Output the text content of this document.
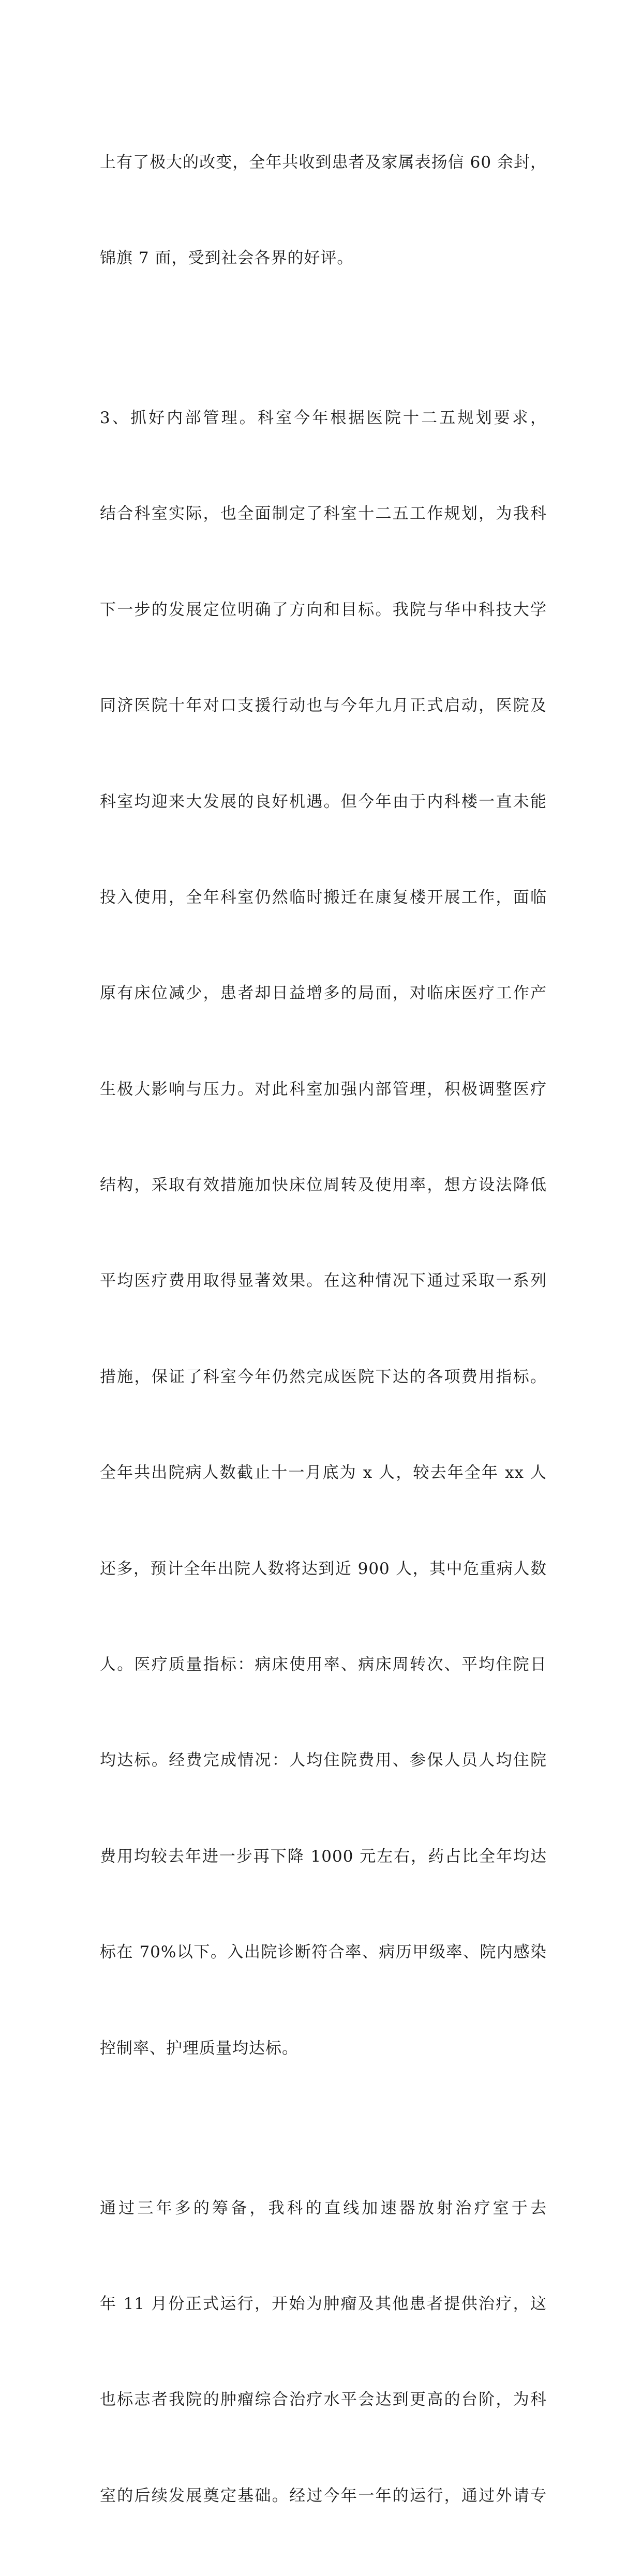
上有了极大的改变，全年共收到患者及家属表扬信 60 余封，

锦旗 7 面，受到社会各界的好评。

3、抓好内部管理。科室今年根据医院十二五规划要求，

结合科室实际，也全面制定了科室十二五工作规划，为我科

下一步的发展定位明确了方向和目标。我院与华中科技大学

同济医院十年对口支援行动也与今年九月正式启动，医院及

科室均迎来大发展的良好机遇。但今年由于内科楼一直未能

投入使用，全年科室仍然临时搬迁在康复楼开展工作，面临

原有床位减少，患者却日益增多的局面，对临床医疗工作产

生极大影响与压力。对此科室加强内部管理，积极调整医疗

结构，采取有效措施加快床位周转及使用率，想方设法降低

平均医疗费用取得显著效果。在这种情况下通过采取一系列

措施，保证了科室今年仍然完成医院下达的各项费用指标。

全年共出院病人数截止十一月底为 x 人，较去年全年 xx 人

还多，预计全年出院人数将达到近 900 人，其中危重病人数

人。医疗质量指标：病床使用率、病床周转次、平均住院日

均达标。经费完成情况：人均住院费用、参保人员人均住院

费用均较去年进一步再下降 1000 元左右，药占比全年均达

标在 70%以下。入出院诊断符合率、病历甲级率、院内感染

控制率、护理质量均达标。

通过三年多的筹备，我科的直线加速器放射治疗室于去

年 11 月份正式运行，开始为肿瘤及其他患者提供治疗，这

也标志者我院的肿瘤综合治疗水平会达到更高的台阶，为科

室的后续发展奠定基础。经过今年一年的运行，通过外请专
